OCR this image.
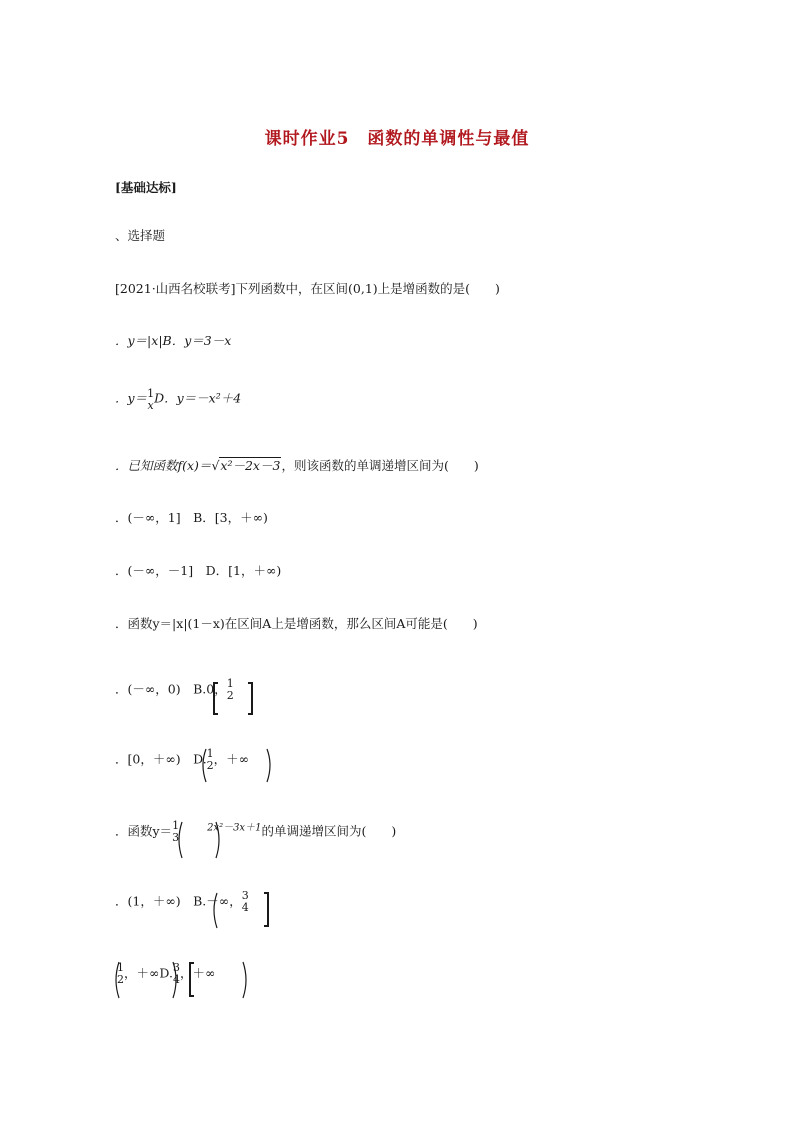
课时作业5　函数的单调性与最值
[基础达标]
、选择题
[2021·山西名校联考]下列函数中，在区间(0,1)上是增函数的是(　　)
．y＝|x|B．y＝3－x
．y＝ 1
x D．y＝－x²＋4
．已知函数f(x)＝√x²－2x－3，则该函数的单调递增区间为(　　)
．(－∞，1]　B．[3，＋∞)
．(－∞，－1]　D．[1，＋∞)
．函数y＝|x|(1－x)在区间A上是增函数，那么区间A可能是(　　)
．(－∞，0)　B.0， 1
2
．[0，＋∞)　D. 1
2 ，＋∞
．函数y＝ 1
3
$^{2x^2-3x+1}$的单调递增区间为(　　)
．(1，＋∞)　B.－∞， 3
4
1
2 ，＋∞D. 3
4 ，＋∞
